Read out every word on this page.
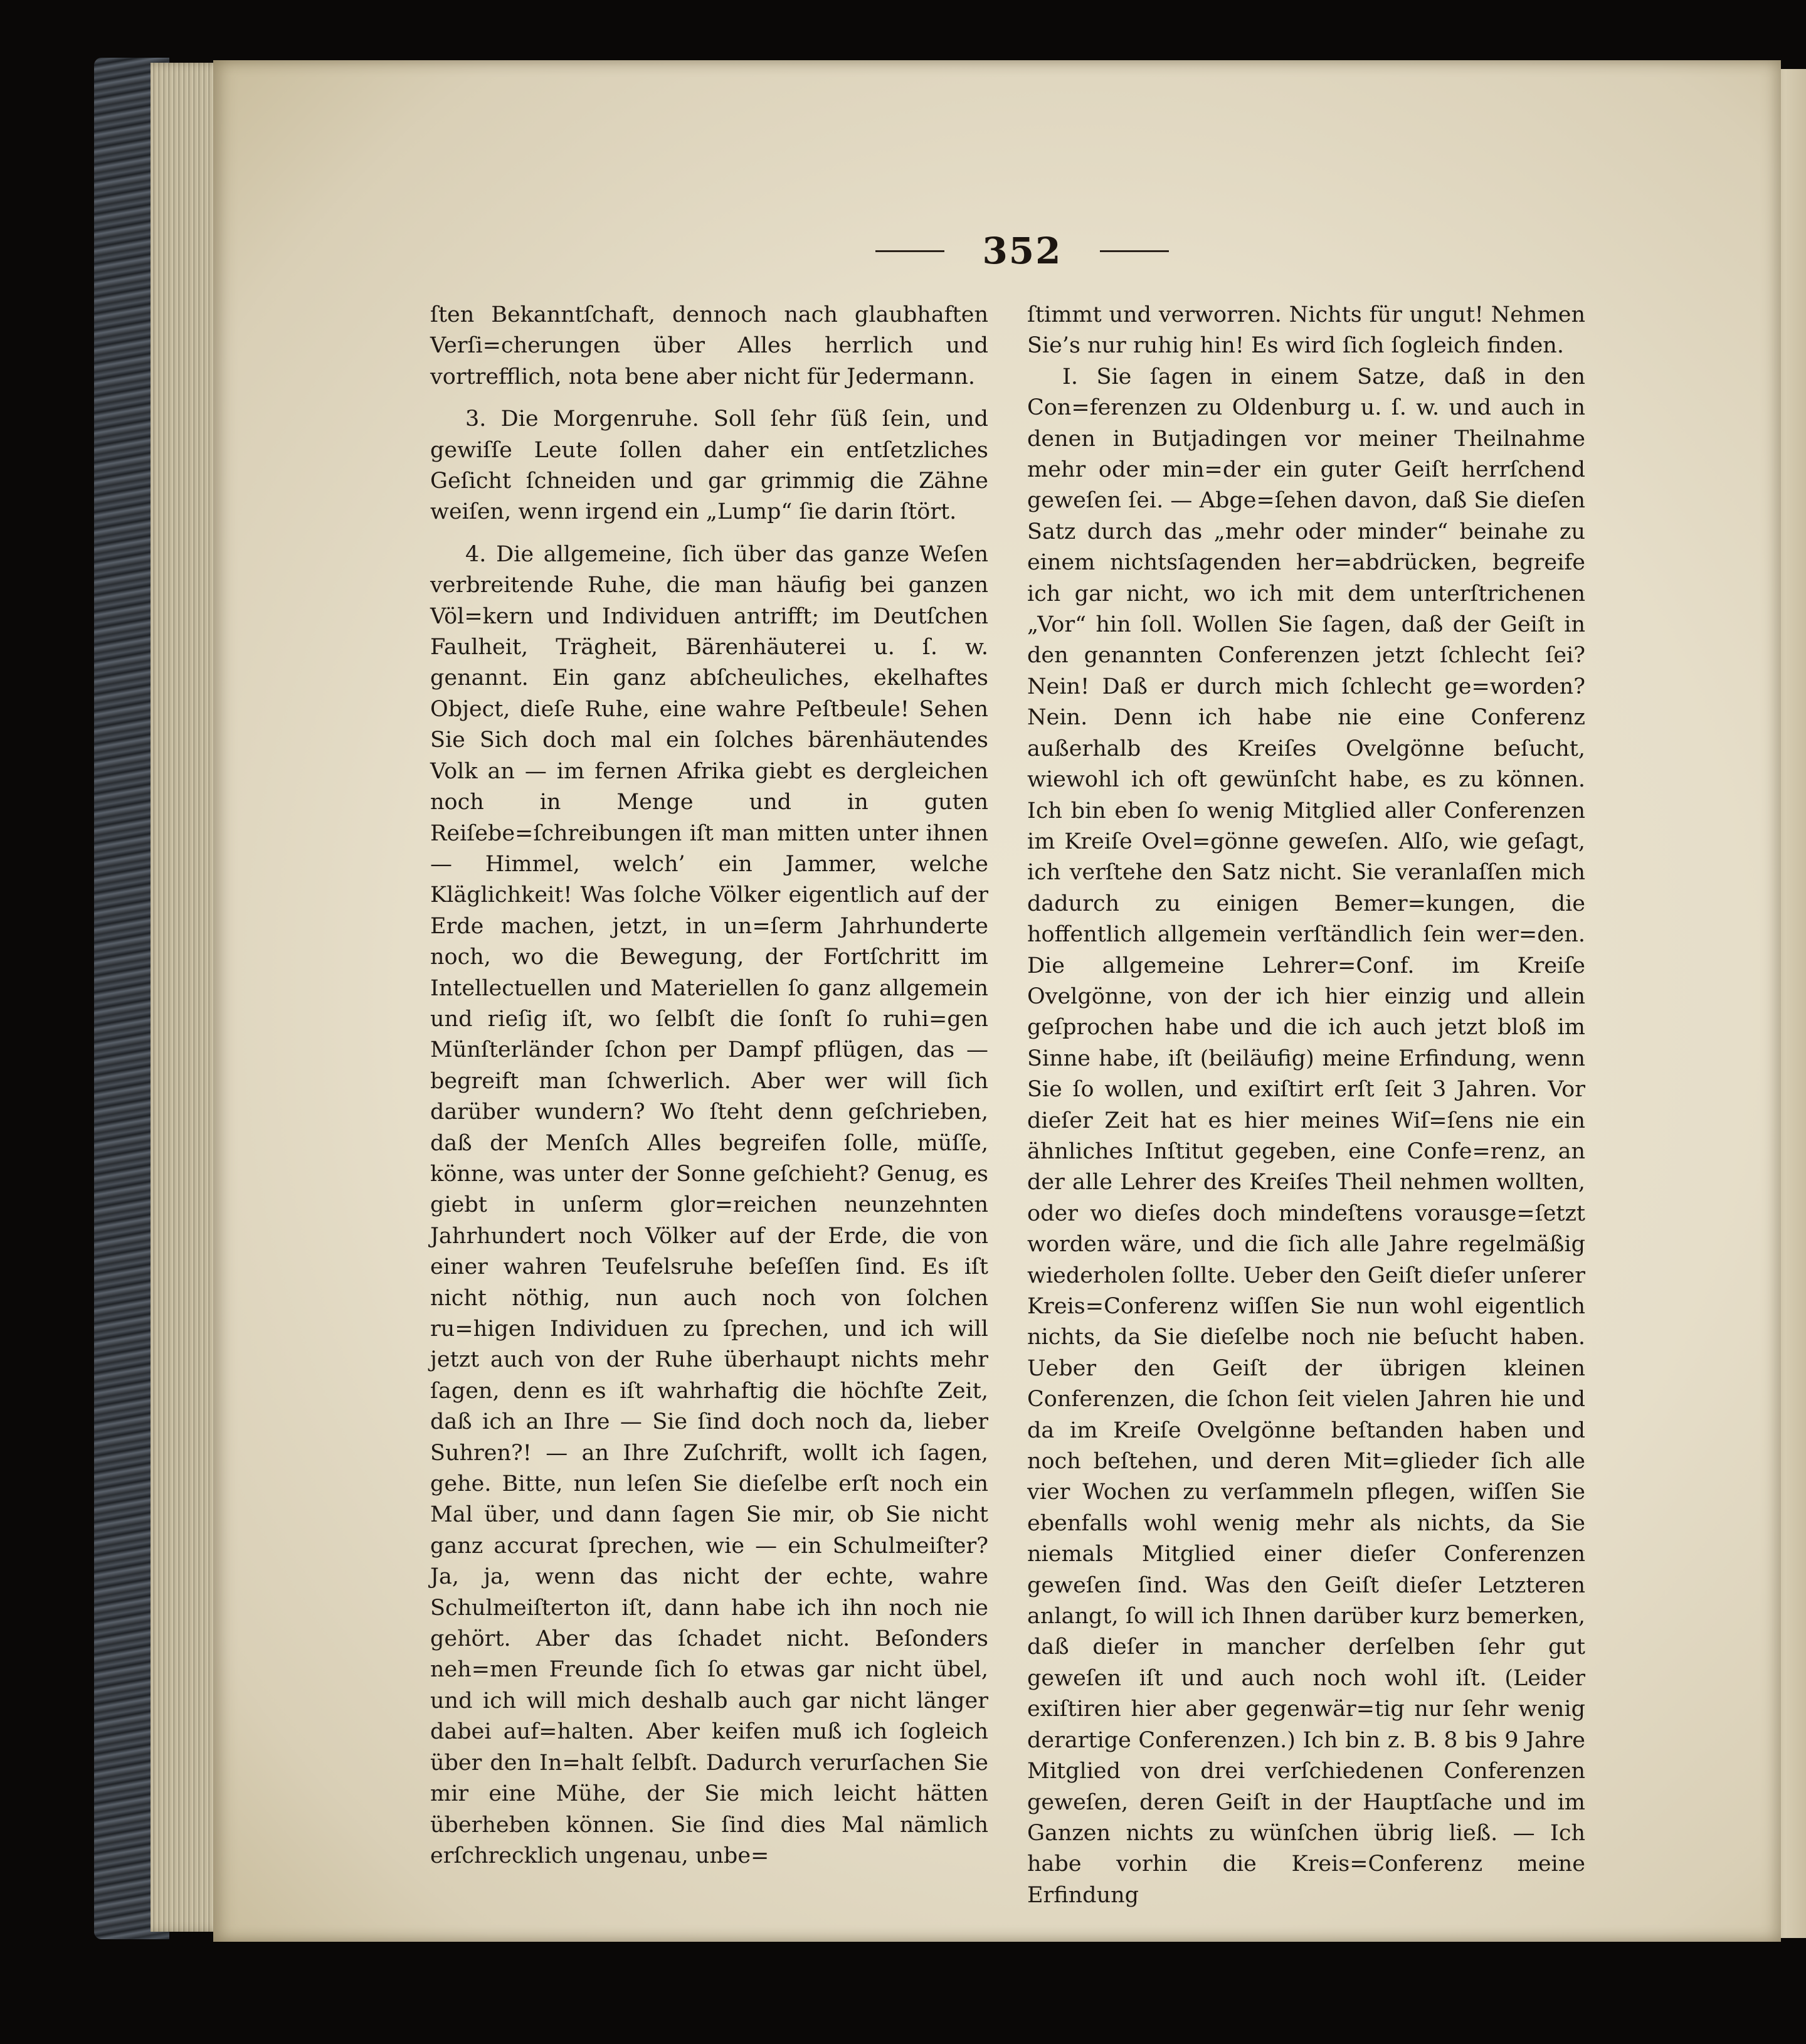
352

ſten Bekanntſchaft, dennoch nach glaubhaften Verſi=cherungen über Alles herrlich und vortrefflich, nota bene aber nicht für Jedermann.

3. Die Morgenruhe. Soll ſehr ſüß ſein, und gewiſſe Leute ſollen daher ein entſetzliches Geſicht ſchneiden und gar grimmig die Zähne weiſen, wenn irgend ein „Lump“ ſie darin ſtört.

4. Die allgemeine, ſich über das ganze Weſen verbreitende Ruhe, die man häufig bei ganzen Völ=kern und Individuen antrifft; im Deutſchen Faulheit, Trägheit, Bärenhäuterei u. ſ. w. genannt. Ein ganz abſcheuliches, ekelhaftes Object, dieſe Ruhe, eine wahre Peſtbeule! Sehen Sie Sich doch mal ein ſolches bärenhäutendes Volk an — im fernen Afrika giebt es dergleichen noch in Menge und in guten Reiſebe=ſchreibungen iſt man mitten unter ihnen — Himmel, welch’ ein Jammer, welche Kläglichkeit! Was ſolche Völker eigentlich auf der Erde machen, jetzt, in un=ſerm Jahrhunderte noch, wo die Bewegung, der Fortſchritt im Intellectuellen und Materiellen ſo ganz allgemein und rieſig iſt, wo ſelbſt die ſonſt ſo ruhi=gen Münſterländer ſchon per Dampf pflügen, das — begreift man ſchwerlich. Aber wer will ſich darüber wundern? Wo ſteht denn geſchrieben, daß der Menſch Alles begreifen ſolle, müſſe, könne, was unter der Sonne geſchieht? Genug, es giebt in unſerm glor=reichen neunzehnten Jahrhundert noch Völker auf der Erde, die von einer wahren Teufelsruhe beſeſſen ſind. Es iſt nicht nöthig, nun auch noch von ſolchen ru=higen Individuen zu ſprechen, und ich will jetzt auch von der Ruhe überhaupt nichts mehr ſagen, denn es iſt wahrhaftig die höchſte Zeit, daß ich an Ihre — Sie ſind doch noch da, lieber Suhren?! — an Ihre Zuſchrift, wollt ich ſagen, gehe. Bitte, nun leſen Sie dieſelbe erſt noch ein Mal über, und dann ſagen Sie mir, ob Sie nicht ganz accurat ſprechen, wie — ein Schulmeiſter? Ja, ja, wenn das nicht der echte, wahre Schulmeiſterton iſt, dann habe ich ihn noch nie gehört. Aber das ſchadet nicht. Beſonders neh=men Freunde ſich ſo etwas gar nicht übel, und ich will mich deshalb auch gar nicht länger dabei auf=halten. Aber keifen muß ich ſogleich über den In=halt ſelbſt. Dadurch verurſachen Sie mir eine Mühe, der Sie mich leicht hätten überheben können. Sie ſind dies Mal nämlich erſchrecklich ungenau, unbe=

ſtimmt und verworren. Nichts für ungut! Nehmen Sie’s nur ruhig hin! Es wird ſich ſogleich finden.

I. Sie ſagen in einem Satze, daß in den Con=ferenzen zu Oldenburg u. ſ. w. und auch in denen in Butjadingen vor meiner Theilnahme mehr oder min=der ein guter Geiſt herrſchend geweſen ſei. — Abge=ſehen davon, daß Sie dieſen Satz durch das „mehr oder minder“ beinahe zu einem nichtsſagenden her=abdrücken, begreife ich gar nicht, wo ich mit dem unterſtrichenen „Vor“ hin ſoll. Wollen Sie ſagen, daß der Geiſt in den genannten Conferenzen jetzt ſchlecht ſei? Nein! Daß er durch mich ſchlecht ge=worden? Nein. Denn ich habe nie eine Conferenz außerhalb des Kreiſes Ovelgönne beſucht, wiewohl ich oft gewünſcht habe, es zu können. Ich bin eben ſo wenig Mitglied aller Conferenzen im Kreiſe Ovel=gönne geweſen. Alſo, wie geſagt, ich verſtehe den Satz nicht. Sie veranlaſſen mich dadurch zu einigen Bemer=kungen, die hoffentlich allgemein verſtändlich ſein wer=den. Die allgemeine Lehrer=Conf. im Kreiſe Ovelgönne, von der ich hier einzig und allein geſprochen habe und die ich auch jetzt bloß im Sinne habe, iſt (beiläufig) meine Erfindung, wenn Sie ſo wollen, und exiſtirt erſt ſeit 3 Jahren. Vor dieſer Zeit hat es hier meines Wiſ=ſens nie ein ähnliches Inſtitut gegeben, eine Confe=renz, an der alle Lehrer des Kreiſes Theil nehmen wollten, oder wo dieſes doch mindeſtens vorausge=ſetzt worden wäre, und die ſich alle Jahre regelmäßig wiederholen ſollte. Ueber den Geiſt dieſer unſerer Kreis=Conferenz wiſſen Sie nun wohl eigentlich nichts, da Sie dieſelbe noch nie beſucht haben. Ueber den Geiſt der übrigen kleinen Conferenzen, die ſchon ſeit vielen Jahren hie und da im Kreiſe Ovelgönne beſtanden haben und noch beſtehen, und deren Mit=glieder ſich alle vier Wochen zu verſammeln pflegen, wiſſen Sie ebenfalls wohl wenig mehr als nichts, da Sie niemals Mitglied einer dieſer Conferenzen geweſen ſind. Was den Geiſt dieſer Letzteren anlangt, ſo will ich Ihnen darüber kurz bemerken, daß dieſer in mancher derſelben ſehr gut geweſen iſt und auch noch wohl iſt. (Leider exiſtiren hier aber gegenwär=tig nur ſehr wenig derartige Conferenzen.) Ich bin z. B. 8 bis 9 Jahre Mitglied von drei verſchiedenen Conferenzen geweſen, deren Geiſt in der Hauptſache und im Ganzen nichts zu wünſchen übrig ließ. — Ich habe vorhin die Kreis=Conferenz meine Erfindung
